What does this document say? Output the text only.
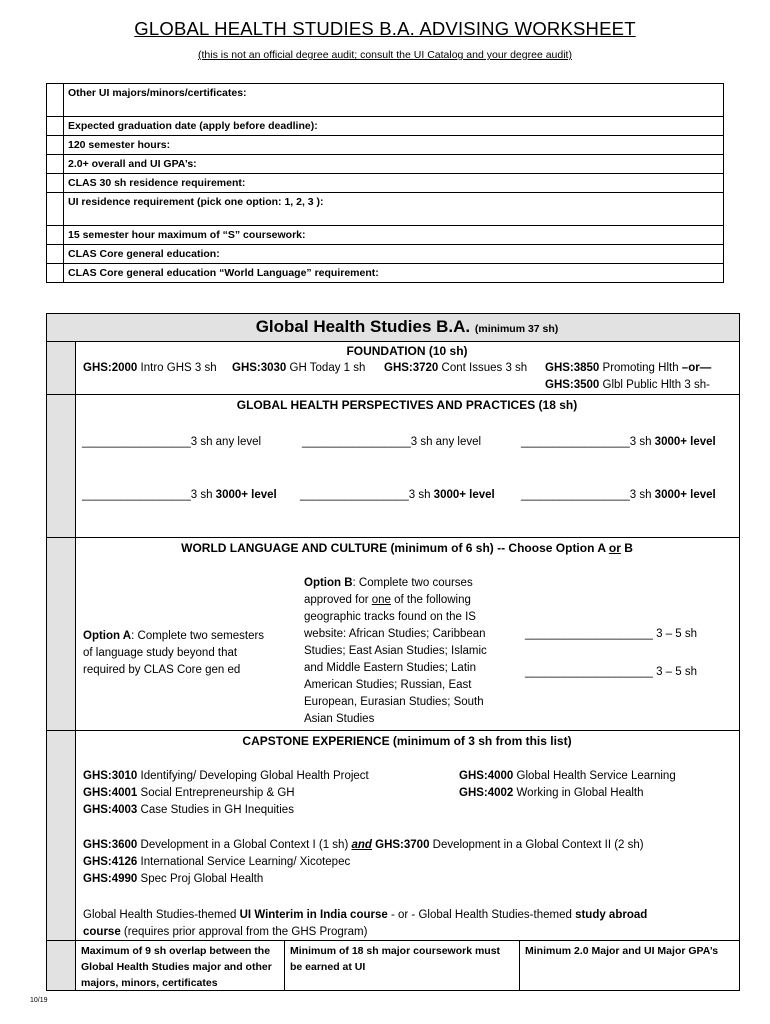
GLOBAL HEALTH STUDIES B.A. ADVISING WORKSHEET
(this is not an official degree audit; consult the UI Catalog and your degree audit)
	Other UI majors/minors/certificates:
	Expected graduation date (apply before deadline):
	120 semester hours:
	2.0+ overall and UI GPA’s:
	CLAS 30 sh residence requirement:
	UI residence requirement (pick one option: 1, 2, 3 ):
	15 semester hour maximum of “S” coursework:
	CLAS Core general education:
	CLAS Core general education “World Language” requirement:
Global Health Studies B.A. (minimum 37 sh)
FOUNDATION (10 sh)
GHS:2000 Intro GHS 3 sh GHS:3030 GH Today 1 sh GHS:3720 Cont Issues 3 sh GHS:3850 Promoting Hlth –or—
GHS:3500 Glbl Public Hlth 3 sh-
GLOBAL HEALTH PERSPECTIVES AND PRACTICES (18 sh)
_________________3 sh any level	_________________3 sh any level	_________________3 sh 3000+ level
_________________3 sh 3000+ level _________________3 sh 3000+ level _________________3 sh 3000+ level
WORLD LANGUAGE AND CULTURE (minimum of 6 sh) -- Choose Option A or B
Option A: Complete two semesters
of language study beyond that
required by CLAS Core gen ed
Option B: Complete two courses
approved for one of the following
geographic tracks found on the IS
website: African Studies; Caribbean
Studies; East Asian Studies; Islamic
and Middle Eastern Studies; Latin
American Studies; Russian, East
European, Eurasian Studies; South
Asian Studies
____________________ 3 – 5 sh
____________________ 3 – 5 sh
CAPSTONE EXPERIENCE (minimum of 3 sh from this list)
GHS:3010 Identifying/ Developing Global Health Project
GHS:4001 Social Entrepreneurship & GH
GHS:4003 Case Studies in GH Inequities
GHS:4000 Global Health Service Learning
GHS:4002 Working in Global Health
GHS:3600 Development in a Global Context I (1 sh) and GHS:3700 Development in a Global Context II (2 sh)
GHS:4126 International Service Learning/ Xicotepec
GHS:4990 Spec Proj Global Health
Global Health Studies-themed UI Winterim in India course - or - Global Health Studies-themed study abroad
course (requires prior approval from the GHS Program)
Maximum of 9 sh overlap between the Global Health Studies major and other majors, minors, certificates
Minimum of 18 sh major coursework must be earned at UI
Minimum 2.0 Major and UI Major GPA’s
10/19
